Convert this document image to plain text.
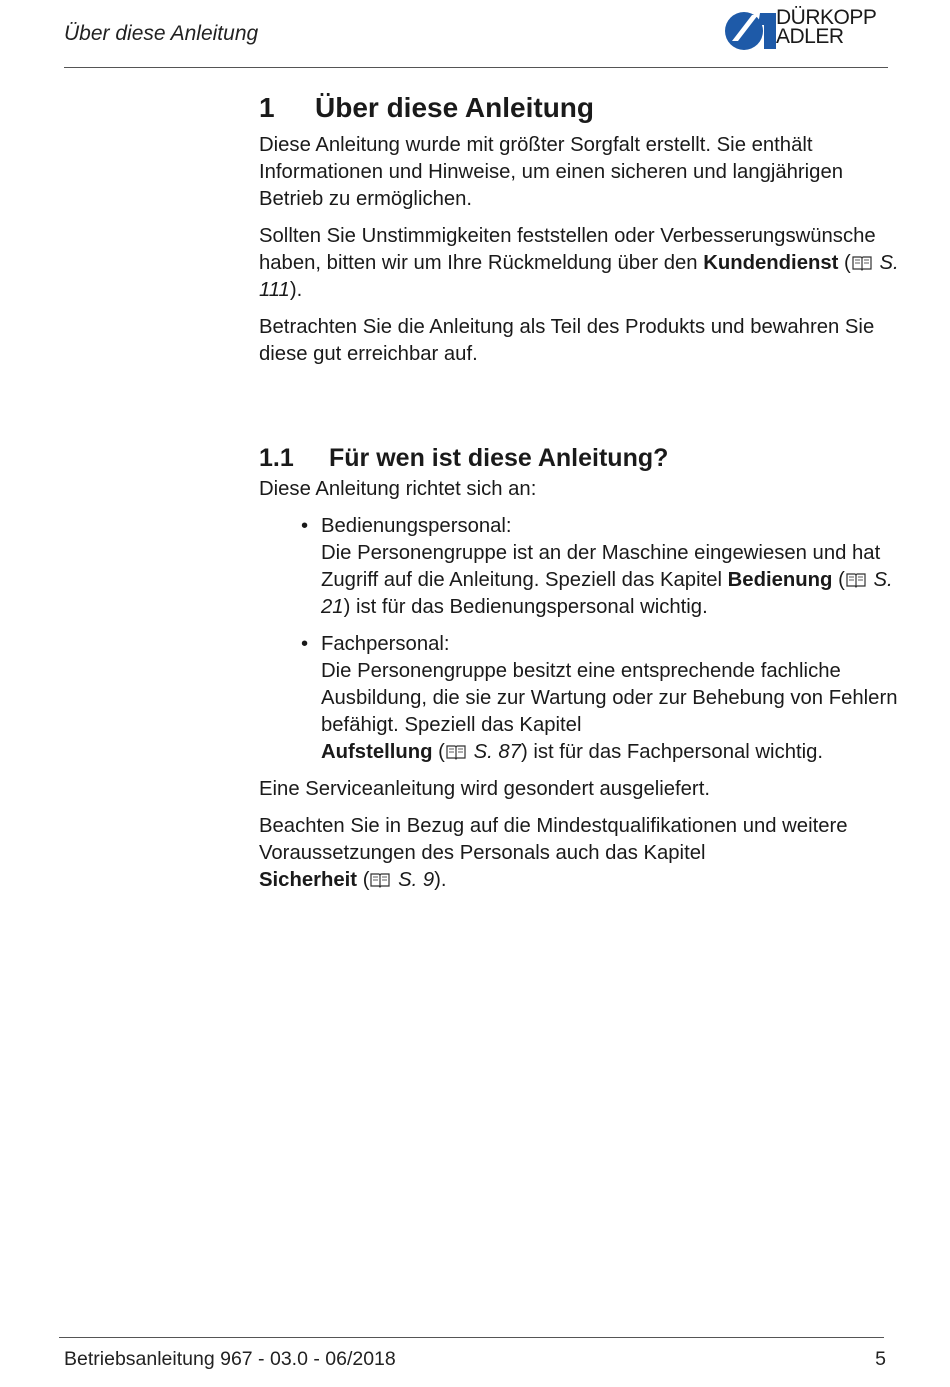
Über diese Anleitung
DÜRKOPP
ADLER
1	Über diese Anleitung

Diese Anleitung wurde mit größter Sorgfalt erstellt. Sie enthält Informationen und Hinweise, um einen sicheren und langjährigen Betrieb zu ermöglichen.

Sollten Sie Unstimmigkeiten feststellen oder Verbesserungswünsche haben, bitten wir um Ihre Rückmeldung über den Kundendienst ( S. 111).

Betrachten Sie die Anleitung als Teil des Produkts und bewahren Sie diese gut erreichbar auf.

1.1	Für wen ist diese Anleitung?

Diese Anleitung richtet sich an:

• Bedienungspersonal:
Die Personengruppe ist an der Maschine eingewiesen und hat Zugriff auf die Anleitung. Speziell das Kapitel Bedienung ( S. 21) ist für das Bedienungspersonal wichtig.
• Fachpersonal:
Die Personengruppe besitzt eine entsprechende fachliche Ausbildung, die sie zur Wartung oder zur Behebung von Fehlern befähigt. Speziell das Kapitel
Aufstellung ( S. 87) ist für das Fachpersonal wichtig.

Eine Serviceanleitung wird gesondert ausgeliefert.

Beachten Sie in Bezug auf die Mindestqualifikationen und weitere Voraussetzungen des Personals auch das Kapitel
Sicherheit ( S. 9).

Betriebsanleitung 967 - 03.0 - 06/2018	5
